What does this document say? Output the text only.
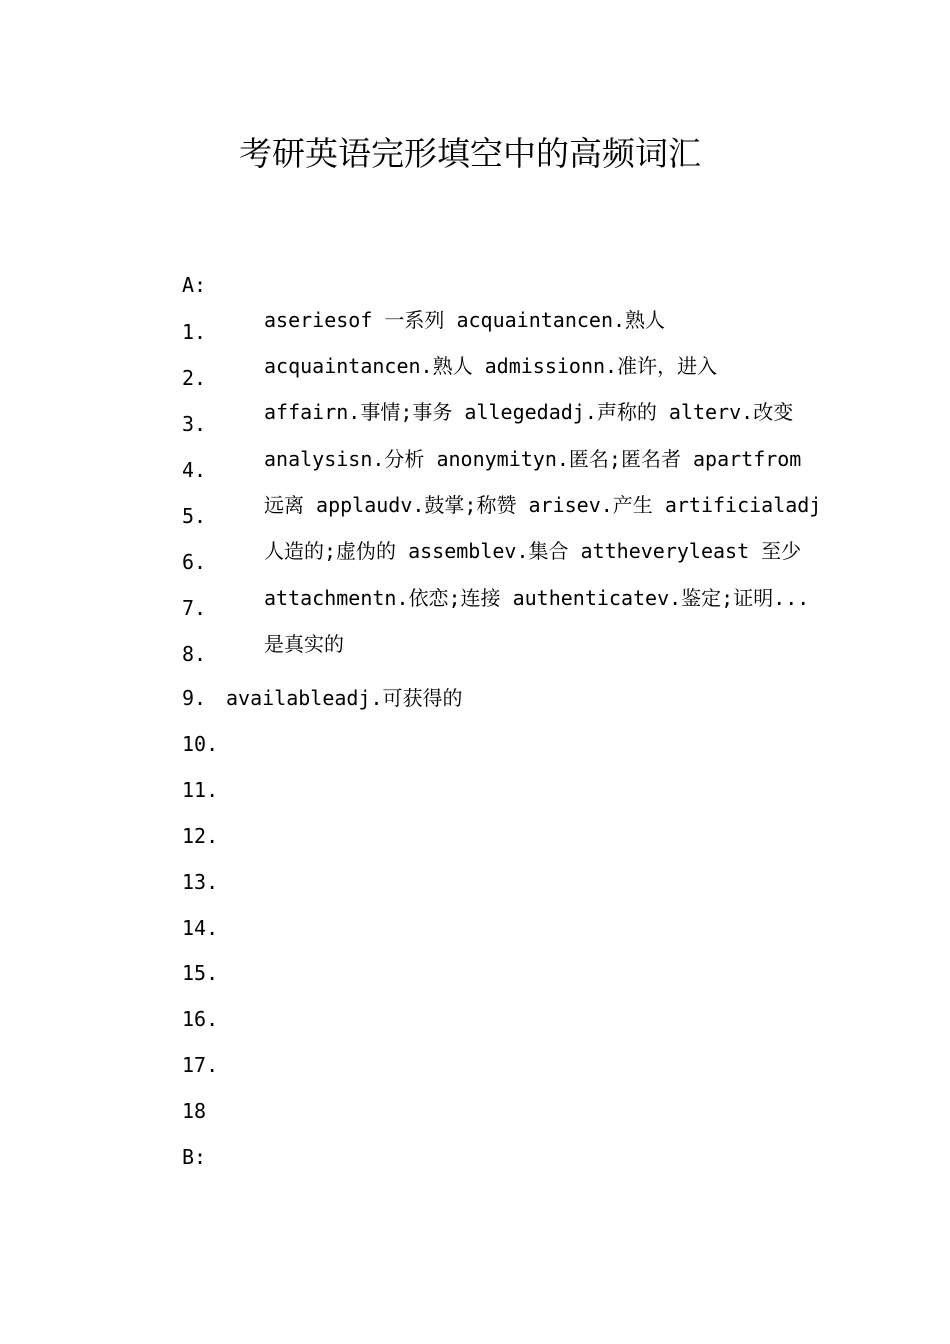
考研英语完形填空中的高频词汇
A:
1.
2.
3.
4.
5.
6.
7.
8.
9.
10.
11.
12.
13.
14.
15.
16.
17.
18
aseriesof 一系列 acquaintancen.熟人
acquaintancen.熟人 admissionn.准许，进入
affairn.事情;事务 allegedadj.声称的 alterv.改变
analysisn.分析 anonymityn.匿名;匿名者 apartfrom
远离 applaudv.鼓掌;称赞 arisev.产生 artificialadj
人造的;虚伪的 assemblev.集合 attheveryleast 至少
attachmentn.依恋;连接 authenticatev.鉴定;证明...
是真实的
availableadj.可获得的
B:
